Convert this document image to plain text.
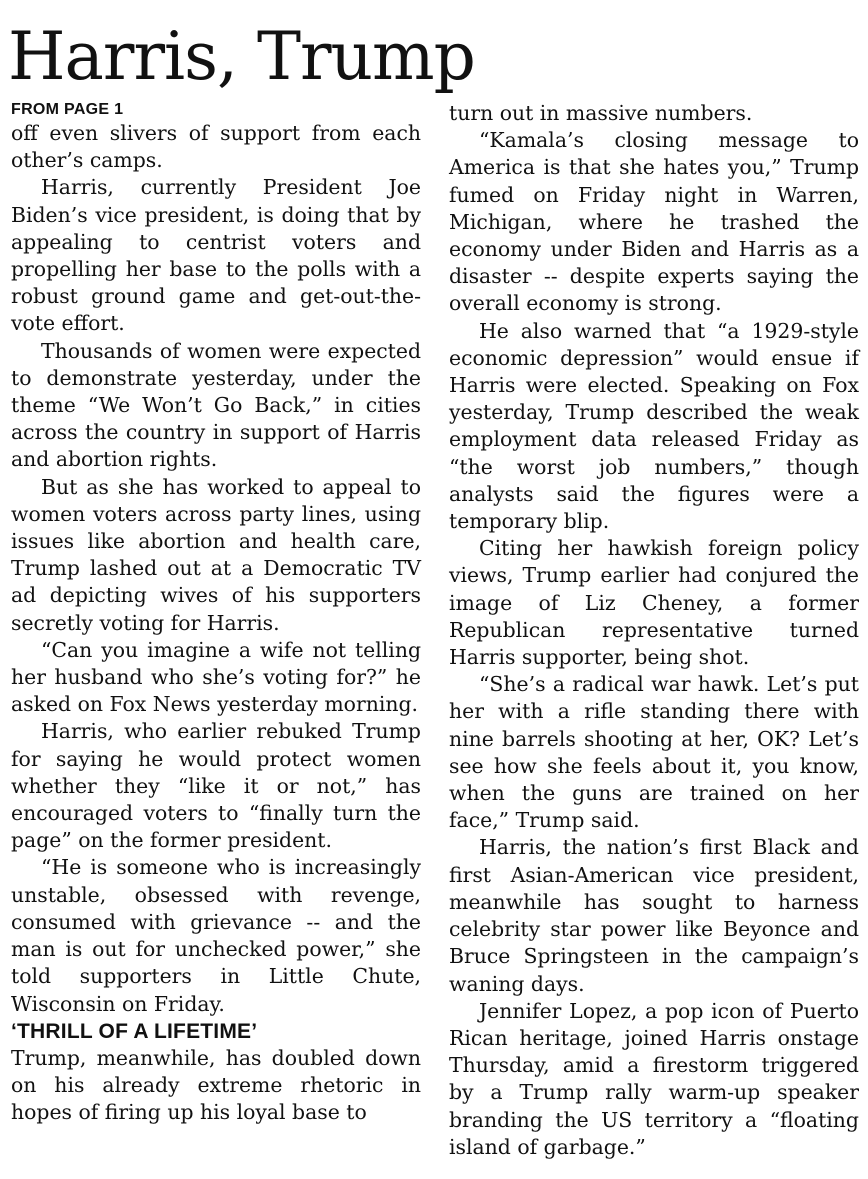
Harris, Trump
FROM PAGE 1

off even slivers of support from each other’s camps.

Harris, currently President Joe Biden’s vice president, is doing that by appealing to centrist voters and propelling her base to the polls with a robust ground game and get-out-the-vote effort.

Thousands of women were expected to demonstrate yesterday, under the theme “We Won’t Go Back,” in cities across the country in support of Harris and abortion rights.

But as she has worked to appeal to women voters across party lines, using issues like abortion and health care, Trump lashed out at a Democratic TV ad depicting wives of his supporters secretly voting for Harris.

“Can you imagine a wife not telling her husband who she’s voting for?” he asked on Fox News yesterday morning.

Harris, who earlier rebuked Trump for saying he would protect women whether they “like it or not,” has encouraged voters to “finally turn the page” on the former president.

“He is someone who is increasingly unstable, obsessed with revenge, consumed with grievance -- and the man is out for unchecked power,” she told supporters in Little Chute, Wisconsin on Friday.

‘THRILL OF A LIFETIME’

Trump, meanwhile, has doubled down on his already extreme rhetoric in hopes of firing up his loyal base to

turn out in massive numbers.

“Kamala’s closing message to America is that she hates you,” Trump fumed on Friday night in Warren, Michigan, where he trashed the economy under Biden and Harris as a disaster -- despite experts saying the overall economy is strong.

He also warned that “a 1929-style economic depression” would ensue if Harris were elected. Speaking on Fox yesterday, Trump described the weak employment data released Friday as “the worst job numbers,” though analysts said the figures were a temporary blip.

Citing her hawkish foreign policy views, Trump earlier had conjured the image of Liz Cheney, a former Republican representative turned Harris supporter, being shot.

“She’s a radical war hawk. Let’s put her with a rifle standing there with nine barrels shooting at her, OK? Let’s see how she feels about it, you know, when the guns are trained on her face,” Trump said.

Harris, the nation’s first Black and first Asian-American vice president, meanwhile has sought to harness celebrity star power like Beyonce and Bruce Springsteen in the campaign’s waning days.

Jennifer Lopez, a pop icon of Puerto Rican heritage, joined Harris onstage Thursday, amid a firestorm triggered by a Trump rally warm-up speaker branding the US territory a “floating island of garbage.”
